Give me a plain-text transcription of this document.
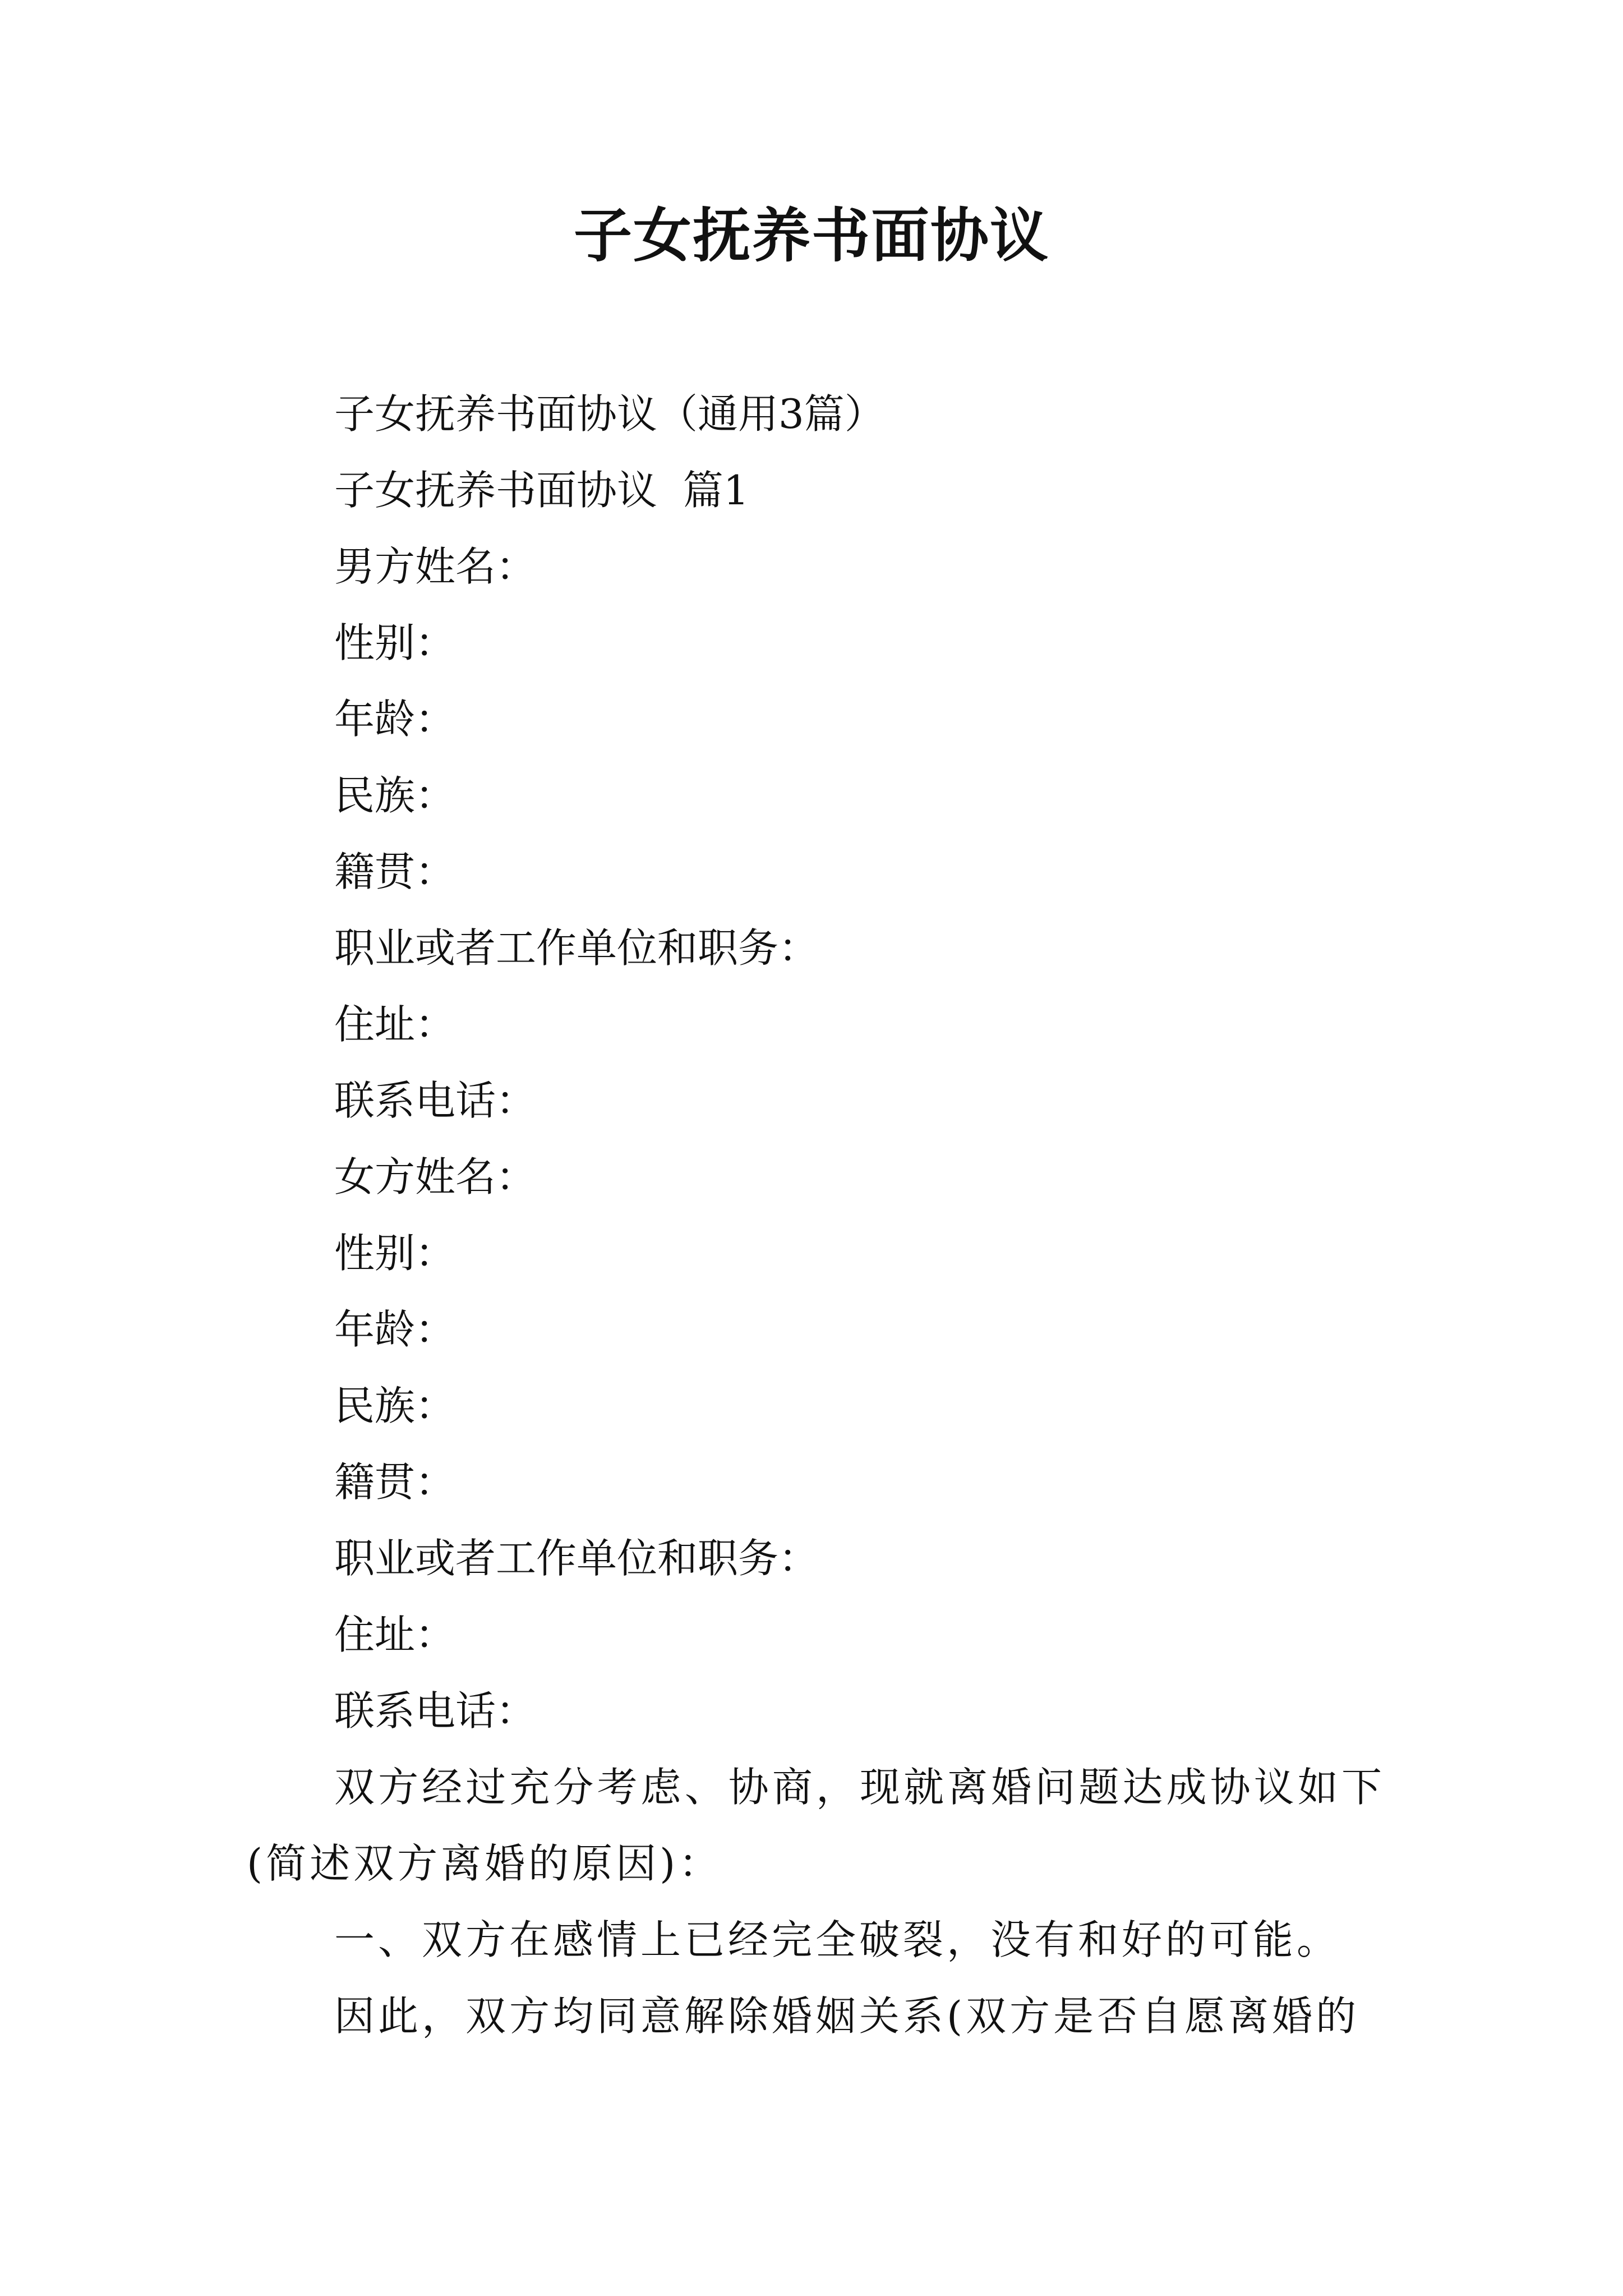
子女抚养书面协议
子女抚养书面协议（通用3篇）
子女抚养书面协议  篇1
男方姓名：
性别：
年龄：
民族：
籍贯：
职业或者工作单位和职务：
住址：
联系电话：
女方姓名：
性别：
年龄：
民族：
籍贯：
职业或者工作单位和职务：
住址：
联系电话：

双方经过充分考虑、协商，现就离婚问题达成协议如下(简述双方离婚的原因)：

一、双方在感情上已经完全破裂，没有和好的可能。

因此，双方均同意解除婚姻关系(双方是否自愿离婚的
